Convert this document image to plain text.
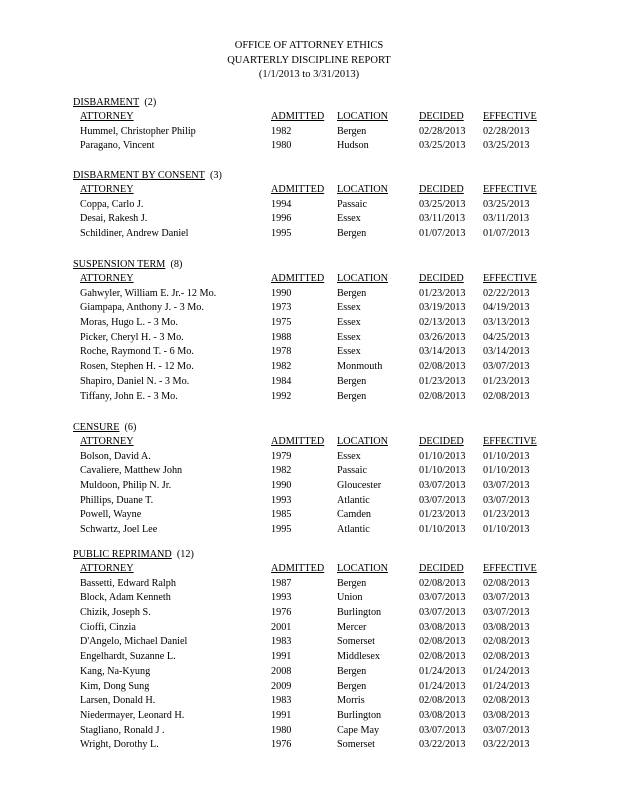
OFFICE OF ATTORNEY ETHICS
QUARTERLY DISCIPLINE REPORT
(1/1/2013 to 3/31/2013)
DISBARMENT (2)
ATTORNEY	ADMITTED LOCATION	DECIDED EFFECTIVE
Hummel, Christopher Philip	1982	Bergen	02/28/2013 02/28/2013
Paragano, Vincent	1980	Hudson	03/25/2013 03/25/2013
DISBARMENT BY CONSENT (3)
ATTORNEY	ADMITTED LOCATION	DECIDED EFFECTIVE
Coppa, Carlo J.	1994	Passaic	03/25/2013 03/25/2013
Desai, Rakesh J.	1996	Essex	03/11/2013 03/11/2013
Schildiner, Andrew Daniel	1995	Bergen	01/07/2013 01/07/2013
SUSPENSION TERM (8)
ATTORNEY	ADMITTED LOCATION	DECIDED EFFECTIVE
Gahwyler, William E. Jr.- 12 Mo.	1990	Bergen	01/23/2013 02/22/2013
Giampapa, Anthony J. - 3 Mo.	1973	Essex	03/19/2013 04/19/2013
Moras, Hugo L. - 3 Mo.	1975	Essex	02/13/2013 03/13/2013
Picker, Cheryl H. - 3 Mo.	1988	Essex	03/26/2013 04/25/2013
Roche, Raymond T. - 6 Mo.	1978	Essex	03/14/2013 03/14/2013
Rosen, Stephen H. - 12 Mo.	1982	Monmouth	02/08/2013 03/07/2013
Shapiro, Daniel N. - 3 Mo.	1984	Bergen	01/23/2013 01/23/2013
Tiffany, John E. - 3 Mo.	1992	Bergen	02/08/2013 02/08/2013
CENSURE (6)
ATTORNEY	ADMITTED LOCATION	DECIDED EFFECTIVE
Bolson, David A.	1979	Essex	01/10/2013 01/10/2013
Cavaliere, Matthew John	1982	Passaic	01/10/2013 01/10/2013
Muldoon, Philip N. Jr.	1990	Gloucester	03/07/2013 03/07/2013
Phillips, Duane T.	1993	Atlantic	03/07/2013 03/07/2013
Powell, Wayne	1985	Camden	01/23/2013 01/23/2013
Schwartz, Joel Lee	1995	Atlantic	01/10/2013 01/10/2013
PUBLIC REPRIMAND (12)
ATTORNEY	ADMITTED LOCATION	DECIDED EFFECTIVE
Bassetti, Edward Ralph	1987	Bergen	02/08/2013 02/08/2013
Block, Adam Kenneth	1993	Union	03/07/2013 03/07/2013
Chizik, Joseph S.	1976	Burlington	03/07/2013 03/07/2013
Cioffi, Cinzia	2001	Mercer	03/08/2013 03/08/2013
D'Angelo, Michael Daniel	1983	Somerset	02/08/2013 02/08/2013
Engelhardt, Suzanne L.	1991	Middlesex	02/08/2013 02/08/2013
Kang, Na-Kyung	2008	Bergen	01/24/2013 01/24/2013
Kim, Dong Sung	2009	Bergen	01/24/2013 01/24/2013
Larsen, Donald H.	1983	Morris	02/08/2013 02/08/2013
Niedermayer, Leonard H.	1991	Burlington	03/08/2013 03/08/2013
Stagliano, Ronald J .	1980	Cape May	03/07/2013 03/07/2013
Wright, Dorothy L.	1976	Somerset	03/22/2013 03/22/2013
